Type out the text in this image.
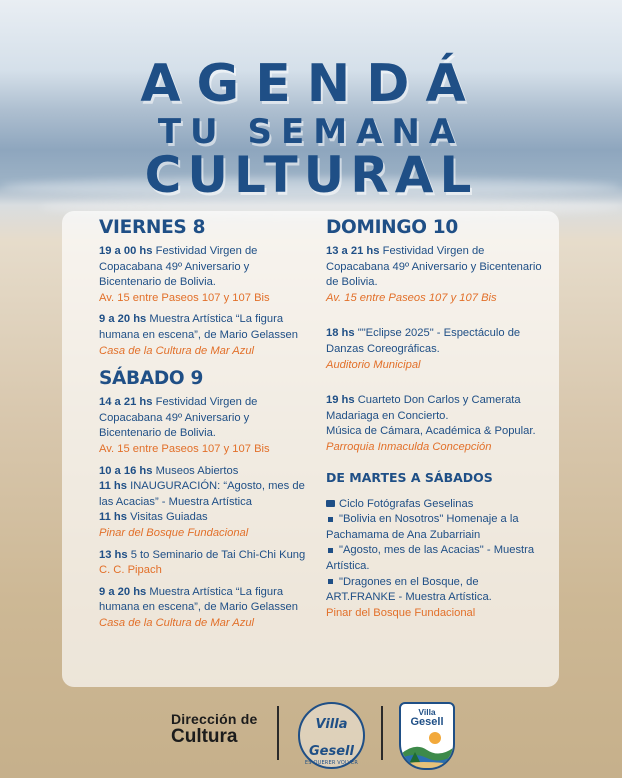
AGENDÁ
TU SEMANA
CULTURAL
VIERNES 8
19 a 00 hs Festividad Virgen de Copacabana 49º Aniversario y Bicentenario de Bolivia.
Av. 15 entre Paseos 107 y 107 Bis
9 a 20 hs Muestra Artística “La figura humana en escena”, de Mario Gelassen
Casa de la Cultura de Mar Azul
SÁBADO 9
14 a 21 hs Festividad Virgen de Copacabana 49º Aniversario y Bicentenario de Bolivia.
Av. 15 entre Paseos 107 y 107 Bis
10 a 16 hs Museos Abiertos
11 hs INAUGURACIÓN: “Agosto, mes de las Acacias” - Muestra Artística
11 hs Visitas Guiadas
Pinar del Bosque Fundacional
13 hs 5 to Seminario de Tai Chi-Chi Kung
C. C. Pipach
9 a 20 hs Muestra Artística “La figura humana en escena”, de Mario Gelassen
Casa de la Cultura de Mar Azul
DOMINGO 10
13 a 21 hs Festividad Virgen de Copacabana 49º Aniversario y Bicentenario de Bolivia.
Av. 15 entre Paseos 107 y 107 Bis
18 hs ""Eclipse 2025" - Espectáculo de Danzas Coreográficas.
Auditorio Municipal
19 hs Cuarteto Don Carlos y Camerata Madariaga en Concierto.
Música de Cámara, Académica & Popular.
Parroquia Inmaculda Concepción
DE MARTES A SÁBADOS
Ciclo Fotógrafas Geselinas
"Bolivia en Nosotros" Homenaje a la Pachamama de Ana Zubarriain
"Agosto, mes de las Acacias" - Muestra Artística.
"Dragones en el Bosque, de ART.FRANKE - Muestra Artística.
Pinar del Bosque Fundacional
Dirección de
Cultura
Villa
Gesell
ES QUERER VOLVER
Villa
Gesell
